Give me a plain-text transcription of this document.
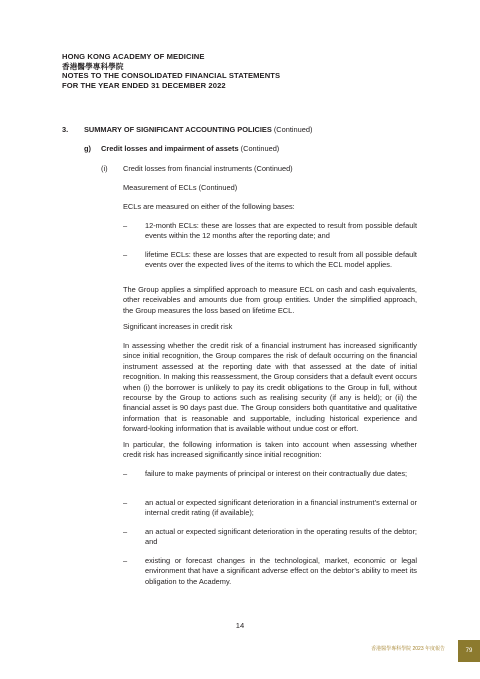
HONG KONG ACADEMY OF MEDICINE
香港醫學專科學院
NOTES TO THE CONSOLIDATED FINANCIAL STATEMENTS
FOR THE YEAR ENDED 31 DECEMBER 2022
3. SUMMARY OF SIGNIFICANT ACCOUNTING POLICIES (Continued)
g) Credit losses and impairment of assets (Continued)
(i) Credit losses from financial instruments (Continued)
Measurement of ECLs (Continued)
ECLs are measured on either of the following bases:
– 12-month ECLs: these are losses that are expected to result from possible default events within the 12 months after the reporting date; and
– lifetime ECLs: these are losses that are expected to result from all possible default events over the expected lives of the items to which the ECL model applies.
The Group applies a simplified approach to measure ECL on cash and cash equivalents, other receivables and amounts due from group entities. Under the simplified approach, the Group measures the loss based on lifetime ECL.
Significant increases in credit risk
In assessing whether the credit risk of a financial instrument has increased significantly since initial recognition, the Group compares the risk of default occurring on the financial instrument assessed at the reporting date with that assessed at the date of initial recognition. In making this reassessment, the Group considers that a default event occurs when (i) the borrower is unlikely to pay its credit obligations to the Group in full, without recourse by the Group to actions such as realising security (if any is held); or (ii) the financial asset is 90 days past due. The Group considers both quantitative and qualitative information that is reasonable and supportable, including historical experience and forward-looking information that is available without undue cost or effort.
In particular, the following information is taken into account when assessing whether credit risk has increased significantly since initial recognition:
– failure to make payments of principal or interest on their contractually due dates;
– an actual or expected significant deterioration in a financial instrument’s external or internal credit rating (if available);
– an actual or expected significant deterioration in the operating results of the debtor; and
– existing or forecast changes in the technological, market, economic or legal environment that have a significant adverse effect on the debtor’s ability to meet its obligation to the Academy.
14
香港醫學專科學院 2023 年度報告	79
